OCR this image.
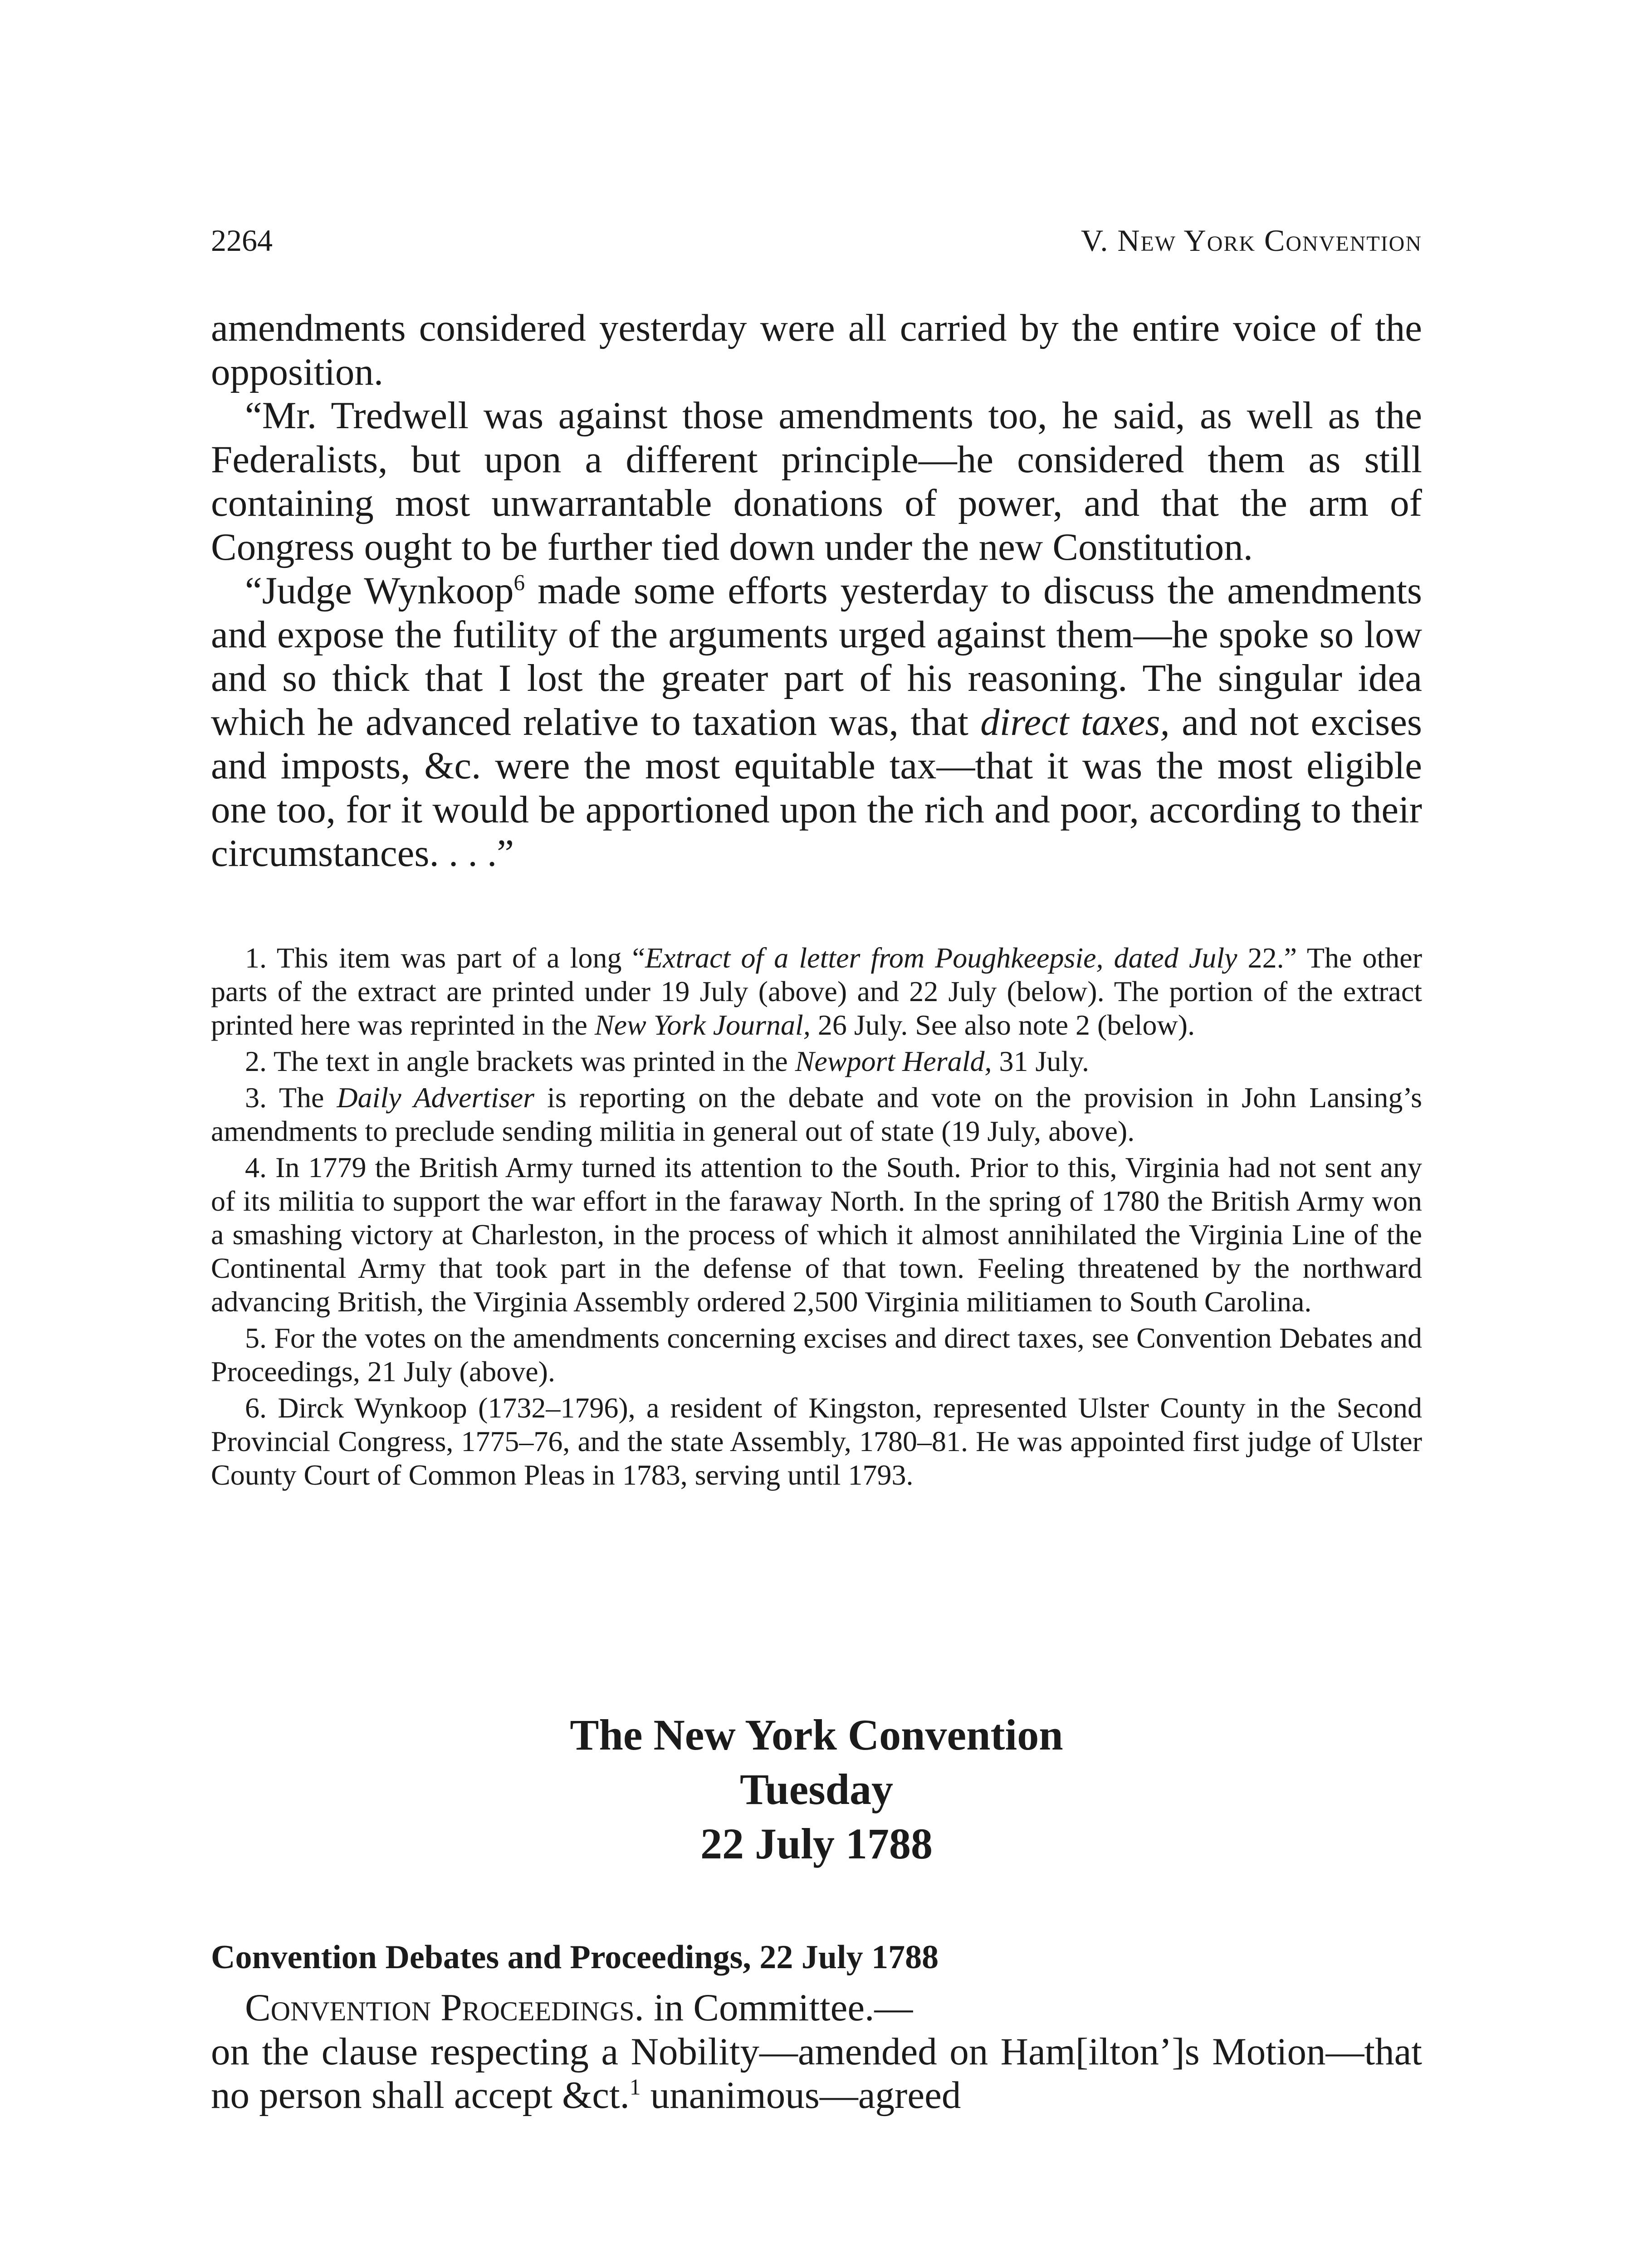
2264	V. New York Convention

amendments considered yesterday were all carried by the entire voice of the opposition.

“Mr. Tredwell was against those amendments too, he said, as well as the Federalists, but upon a different principle—he considered them as still containing most unwarrantable donations of power, and that the arm of Congress ought to be further tied down under the new Constitution.

“Judge Wynkoop$^6$ made some efforts yesterday to discuss the amendments and expose the futility of the arguments urged against them—he spoke so low and so thick that I lost the greater part of his reasoning. The singular idea which he advanced relative to taxation was, that direct taxes, and not excises and imposts, &c. were the most equitable tax—that it was the most eligible one too, for it would be apportioned upon the rich and poor, according to their circumstances. . . .”

1. This item was part of a long “Extract of a letter from Poughkeepsie, dated July 22.” The other parts of the extract are printed under 19 July (above) and 22 July (below). The portion of the extract printed here was reprinted in the New York Journal, 26 July. See also note 2 (below).

2. The text in angle brackets was printed in the Newport Herald, 31 July.

3. The Daily Advertiser is reporting on the debate and vote on the provision in John Lansing’s amendments to preclude sending militia in general out of state (19 July, above).

4. In 1779 the British Army turned its attention to the South. Prior to this, Virginia had not sent any of its militia to support the war effort in the faraway North. In the spring of 1780 the British Army won a smashing victory at Charleston, in the process of which it almost annihilated the Virginia Line of the Continental Army that took part in the defense of that town. Feeling threatened by the northward advancing British, the Virginia Assembly ordered 2,500 Virginia militiamen to South Carolina.

5. For the votes on the amendments concerning excises and direct taxes, see Convention Debates and Proceedings, 21 July (above).

6. Dirck Wynkoop (1732–1796), a resident of Kingston, represented Ulster County in the Second Provincial Congress, 1775–76, and the state Assembly, 1780–81. He was appointed first judge of Ulster County Court of Common Pleas in 1783, serving until 1793.

The New York Convention
Tuesday
22 July 1788
Convention Debates and Proceedings, 22 July 1788

Convention Proceedings. in Committee.—

on the clause respecting a Nobility—amended on Ham[ilton’]s Motion—that no person shall accept &ct.$^1$ unanimous—agreed
